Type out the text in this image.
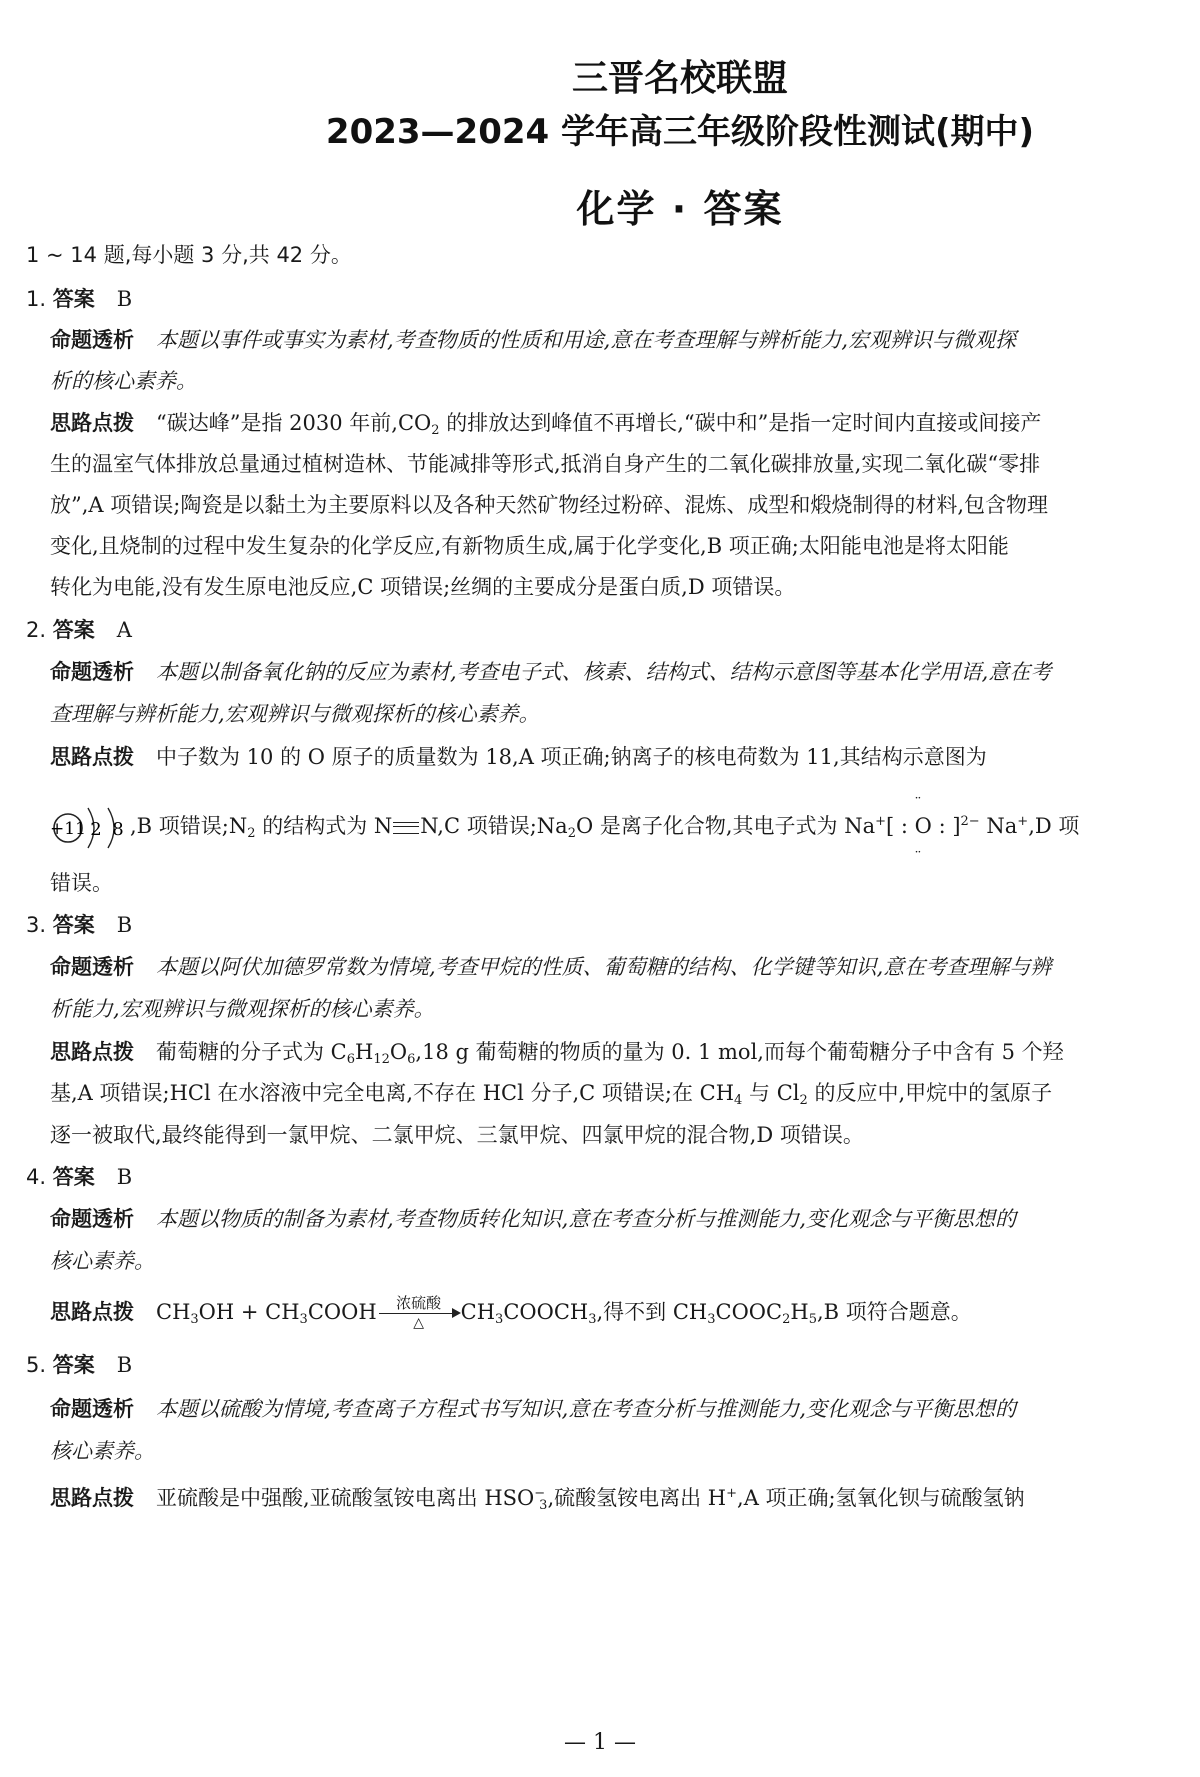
三晋名校联盟
2023—2024 学年高三年级阶段性测试(期中)
化学 · 答案
1 ~ 14 题,每小题 3 分,共 42 分。
1. 答案 B
命题透析 本题以事件或事实为素材,考查物质的性质和用途,意在考查理解与辨析能力,宏观辨识与微观探
析的核心素养。
思路点拨 “碳达峰”是指 2030 年前$,CO_2$ 的排放达到峰值不再增长,“碳中和”是指一定时间内直接或间接产
生的温室气体排放总量通过植树造林、节能减排等形式,抵消自身产生的二氧化碳排放量,实现二氧化碳“零排
放”,A 项错误;陶瓷是以黏土为主要原料以及各种天然矿物经过粉碎、混炼、成型和煅烧制得的材料,包含物理
变化,且烧制的过程中发生复杂的化学反应,有新物质生成,属于化学变化,B 项正确;太阳能电池是将太阳能
转化为电能,没有发生原电池反应,C 项错误;丝绸的主要成分是蛋白质,D 项错误。
2. 答案 A
命题透析 本题以制备氧化钠的反应为素材,考查电子式、核素、结构式、结构示意图等基本化学用语,意在考
查理解与辨析能力,宏观辨识与微观探析的核心素养。
思路点拨 中子数为 10 的 O 原子的质量数为 18,A 项正确;钠离子的核电荷数为 11,其结构示意图为
+11 2 8 ,B 项错误$;N_2$ 的结构式为 N N,C 项错误$;Na_2O$ 是离子化合物,其电子式为 Na+[ : ·· O ·· : ]$^{2-}$ Na+,D 项
错误。
3. 答案 B
命题透析 本题以阿伏加德罗常数为情境,考查甲烷的性质、葡萄糖的结构、化学键等知识,意在考查理解与辨
析能力,宏观辨识与微观探析的核心素养。
思路点拨 葡萄糖的分子式为 $C_6H_{12}O_6,18$ g 葡萄糖的物质的量为 0. 1 mol,而每个葡萄糖分子中含有 5 个羟
基,A 项错误;HCl 在水溶液中完全电离,不存在 HCl 分子,C 项错误;在 $CH_4$ 与 $Cl_2$ 的反应中,甲烷中的氢原子
逐一被取代,最终能得到一氯甲烷、二氯甲烷、三氯甲烷、四氯甲烷的混合物,D 项错误。
4. 答案 B
命题透析 本题以物质的制备为素材,考查物质转化知识,意在考查分析与推测能力,变化观念与平衡思想的
核心素养。
思路点拨 $CH_3OH$ + $CH_3COOH$	浓硫酸
△	$CH_3COOCH_3$,得不到 $CH_3COOC_2H_5,B$ 项符合题意。
5. 答案 B
命题透析 本题以硫酸为情境,考查离子方程式书写知识,意在考查分析与推测能力,变化观念与平衡思想的
核心素养。
思路点拨 亚硫酸是中强酸,亚硫酸氢铵电离出 $HSO^-_3$,硫酸氢铵电离出 H+,A 项正确;氢氧化钡与硫酸氢钠
— 1 —
